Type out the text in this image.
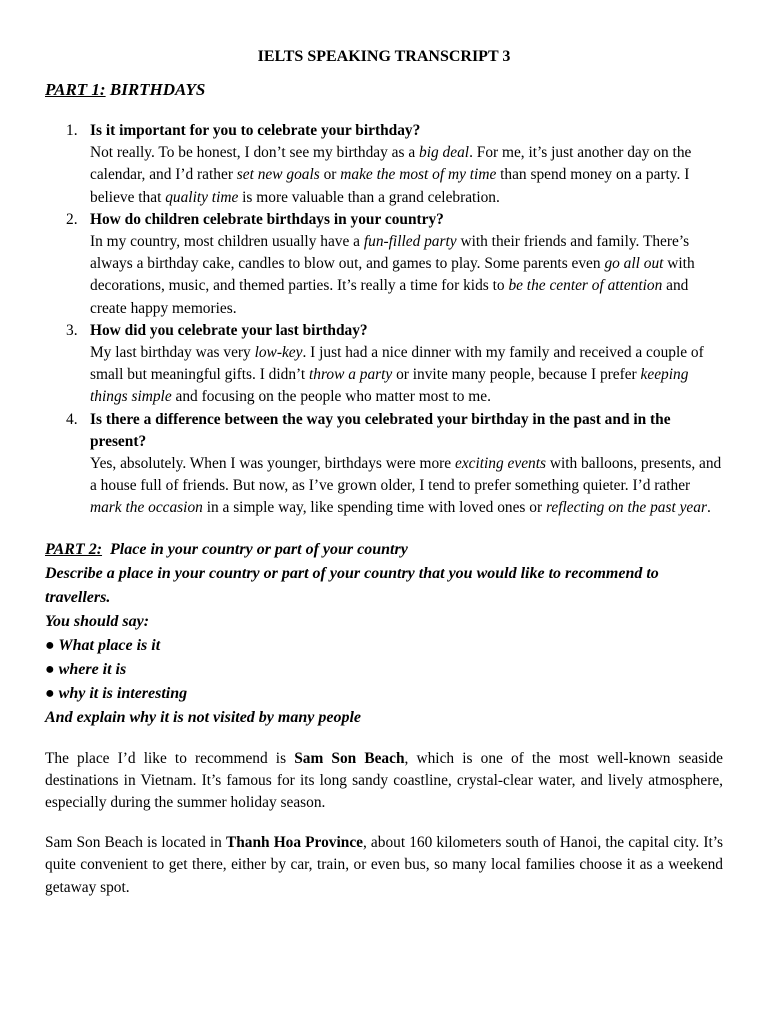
IELTS SPEAKING TRANSCRIPT 3
PART 1: BIRTHDAYS
1. Is it important for you to celebrate your birthday?
Not really. To be honest, I don’t see my birthday as a big deal. For me, it’s just another day on the calendar, and I’d rather set new goals or make the most of my time than spend money on a party. I believe that quality time is more valuable than a grand celebration.
2. How do children celebrate birthdays in your country?
In my country, most children usually have a fun-filled party with their friends and family. There’s always a birthday cake, candles to blow out, and games to play. Some parents even go all out with decorations, music, and themed parties. It’s really a time for kids to be the center of attention and create happy memories.
3. How did you celebrate your last birthday?
My last birthday was very low-key. I just had a nice dinner with my family and received a couple of small but meaningful gifts. I didn’t throw a party or invite many people, because I prefer keeping things simple and focusing on the people who matter most to me.
4. Is there a difference between the way you celebrated your birthday in the past and in the present?
Yes, absolutely. When I was younger, birthdays were more exciting events with balloons, presents, and a house full of friends. But now, as I’ve grown older, I tend to prefer something quieter. I’d rather mark the occasion in a simple way, like spending time with loved ones or reflecting on the past year.
PART 2: Place in your country or part of your country
Describe a place in your country or part of your country that you would like to recommend to travellers.
You should say:
● What place is it
● where it is
● why it is interesting
And explain why it is not visited by many people

The place I’d like to recommend is Sam Son Beach, which is one of the most well-known seaside destinations in Vietnam. It’s famous for its long sandy coastline, crystal-clear water, and lively atmosphere, especially during the summer holiday season.

Sam Son Beach is located in Thanh Hoa Province, about 160 kilometers south of Hanoi, the capital city. It’s quite convenient to get there, either by car, train, or even bus, so many local families choose it as a weekend getaway spot.
